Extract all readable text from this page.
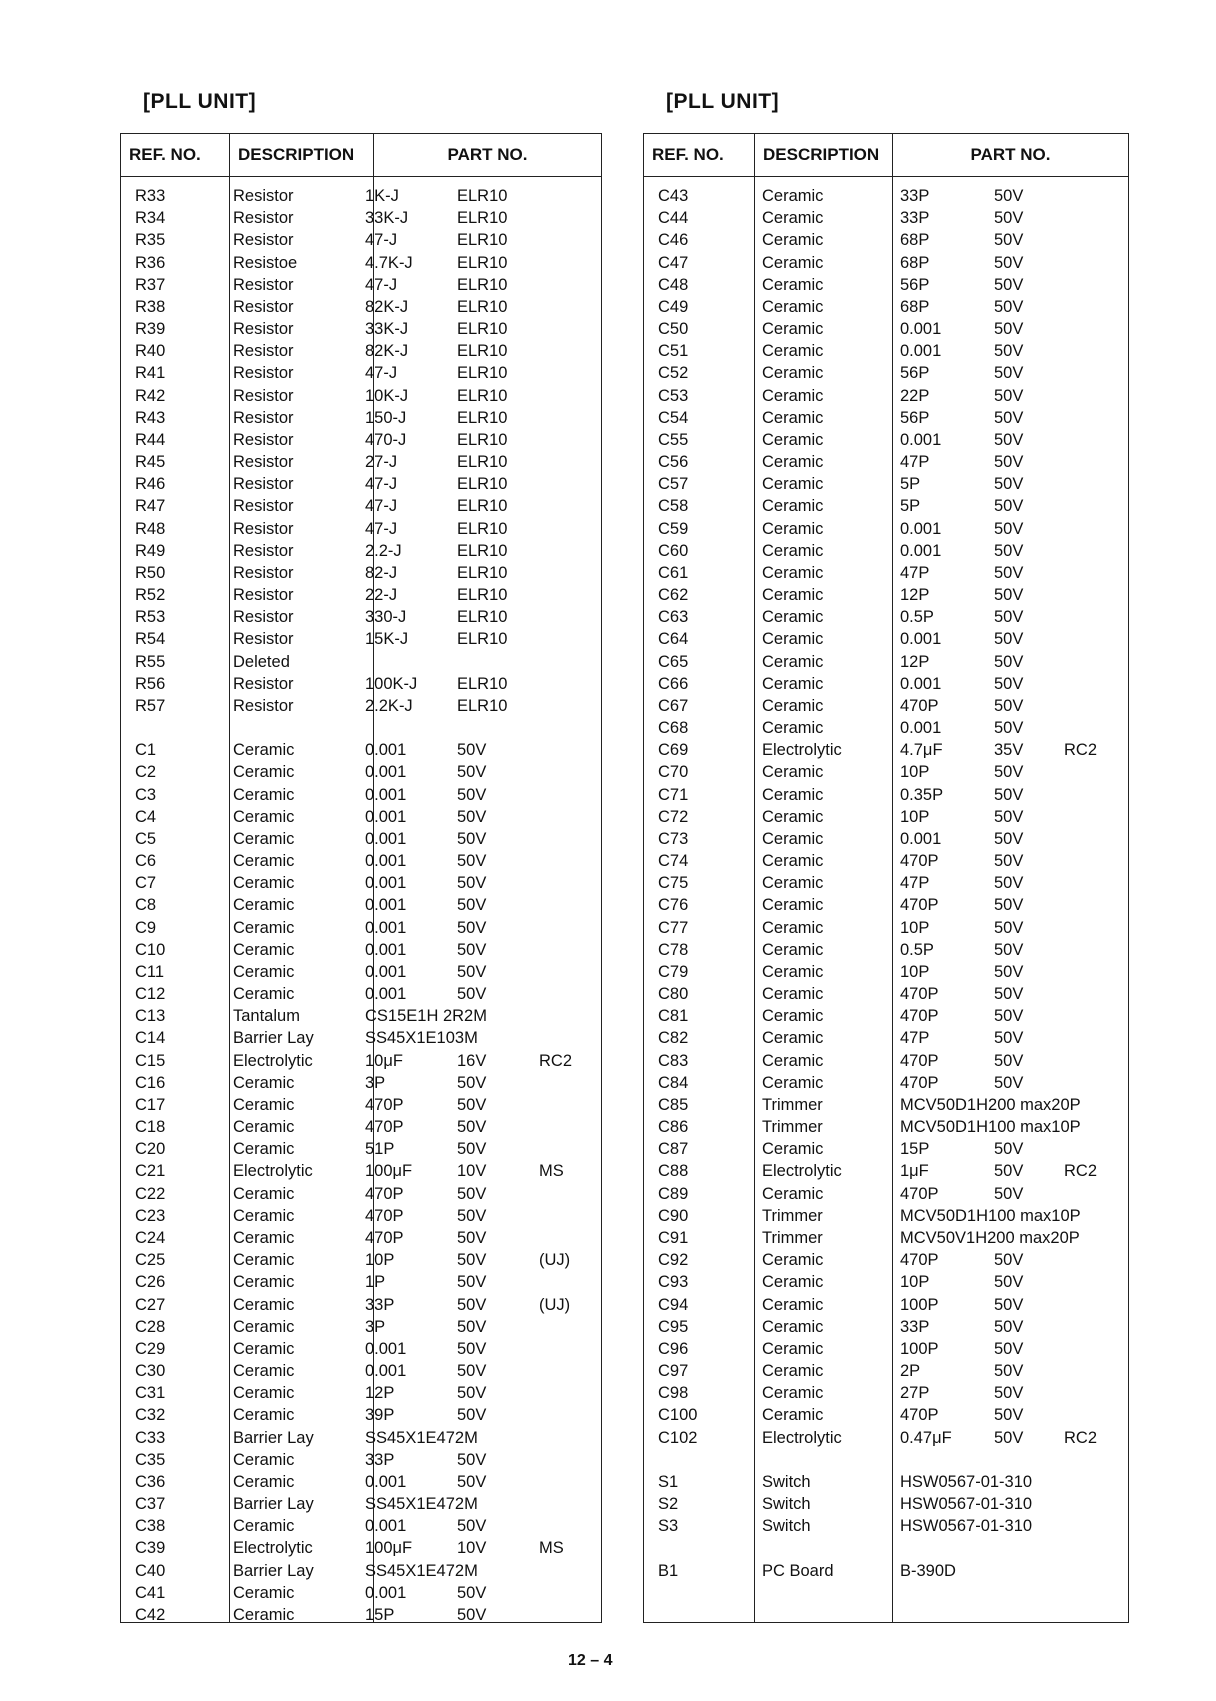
[PLL UNIT]
REF. NO.	DESCRIPTION	PART NO.
R33	Resistor	1K-J	ELR10
R34	Resistor	33K-J	ELR10
R35	Resistor	47-J	ELR10
R36	Resistoe	4.7K-J	ELR10
R37	Resistor	47-J	ELR10
R38	Resistor	82K-J	ELR10
R39	Resistor	33K-J	ELR10
R40	Resistor	82K-J	ELR10
R41	Resistor	47-J	ELR10
R42	Resistor	10K-J	ELR10
R43	Resistor	150-J	ELR10
R44	Resistor	470-J	ELR10
R45	Resistor	27-J	ELR10
R46	Resistor	47-J	ELR10
R47	Resistor	47-J	ELR10
R48	Resistor	47-J	ELR10
R49	Resistor	2.2-J	ELR10
R50	Resistor	82-J	ELR10
R52	Resistor	22-J	ELR10
R53	Resistor	330-J	ELR10
R54	Resistor	15K-J	ELR10
R55	Deleted
R56	Resistor	100K-J ELR10
R57	Resistor	2.2K-J	ELR10
C1	Ceramic	0.001	50V
C2	Ceramic	0.001	50V
C3	Ceramic	0.001	50V
C4	Ceramic	0.001	50V
C5	Ceramic	0.001	50V
C6	Ceramic	0.001	50V
C7	Ceramic	0.001	50V
C8	Ceramic	0.001	50V
C9	Ceramic	0.001	50V
C10	Ceramic	0.001	50V
C11	Ceramic	0.001	50V
C12	Ceramic	0.001	50V
C13	Tantalum	CS15E1H 2R2M
C14	Barrier Lay	SS45X1E103M
C15	Electrolytic	10μF	16V	RC2
C16	Ceramic	3P	50V
C17	Ceramic	470P	50V
C18	Ceramic	470P	50V
C20	Ceramic	51P	50V
C21	Electrolytic	100μF	10V	MS
C22	Ceramic	470P	50V
C23	Ceramic	470P	50V
C24	Ceramic	470P	50V
C25	Ceramic	10P	50V	(UJ)
C26	Ceramic	1P	50V
C27	Ceramic	33P	50V	(UJ)
C28	Ceramic	3P	50V
C29	Ceramic	0.001	50V
C30	Ceramic	0.001	50V
C31	Ceramic	12P	50V
C32	Ceramic	39P	50V
C33	Barrier Lay	SS45X1E472M
C35	Ceramic	33P	50V
C36	Ceramic	0.001	50V
C37	Barrier Lay	SS45X1E472M
C38	Ceramic	0.001	50V
C39	Electrolytic	100μF	10V	MS
C40	Barrier Lay	SS45X1E472M
C41	Ceramic	0.001	50V
C42	Ceramic	15P	50V
[PLL UNIT]
REF. NO.	DESCRIPTION	PART NO.
C43	Ceramic	33P	50V
C44	Ceramic	33P	50V
C46	Ceramic	68P	50V
C47	Ceramic	68P	50V
C48	Ceramic	56P	50V
C49	Ceramic	68P	50V
C50	Ceramic	0.001	50V
C51	Ceramic	0.001	50V
C52	Ceramic	56P	50V
C53	Ceramic	22P	50V
C54	Ceramic	56P	50V
C55	Ceramic	0.001	50V
C56	Ceramic	47P	50V
C57	Ceramic	5P	50V
C58	Ceramic	5P	50V
C59	Ceramic	0.001	50V
C60	Ceramic	0.001	50V
C61	Ceramic	47P	50V
C62	Ceramic	12P	50V
C63	Ceramic	0.5P	50V
C64	Ceramic	0.001	50V
C65	Ceramic	12P	50V
C66	Ceramic	0.001	50V
C67	Ceramic	470P	50V
C68	Ceramic	0.001	50V
C69	Electrolytic	4.7μF	35V RC2
C70	Ceramic	10P	50V
C71	Ceramic	0.35P	50V
C72	Ceramic	10P	50V
C73	Ceramic	0.001	50V
C74	Ceramic	470P	50V
C75	Ceramic	47P	50V
C76	Ceramic	470P	50V
C77	Ceramic	10P	50V
C78	Ceramic	0.5P	50V
C79	Ceramic	10P	50V
C80	Ceramic	470P	50V
C81	Ceramic	470P	50V
C82	Ceramic	47P	50V
C83	Ceramic	470P	50V
C84	Ceramic	470P	50V
C85	Trimmer	MCV50D1H200 max20P
C86	Trimmer	MCV50D1H100 max10P
C87	Ceramic	15P	50V
C88	Electrolytic	1μF	50V RC2
C89	Ceramic	470P	50V
C90	Trimmer	MCV50D1H100 max10P
C91	Trimmer	MCV50V1H200 max20P
C92	Ceramic	470P	50V
C93	Ceramic	10P	50V
C94	Ceramic	100P	50V
C95	Ceramic	33P	50V
C96	Ceramic	100P	50V
C97	Ceramic	2P	50V
C98	Ceramic	27P	50V
C100	Ceramic	470P	50V
C102	Electrolytic	0.47μF	50V RC2
S1	Switch	HSW0567-01-310
S2	Switch	HSW0567-01-310
S3	Switch	HSW0567-01-310
B1	PC Board	B-390D
12 – 4
